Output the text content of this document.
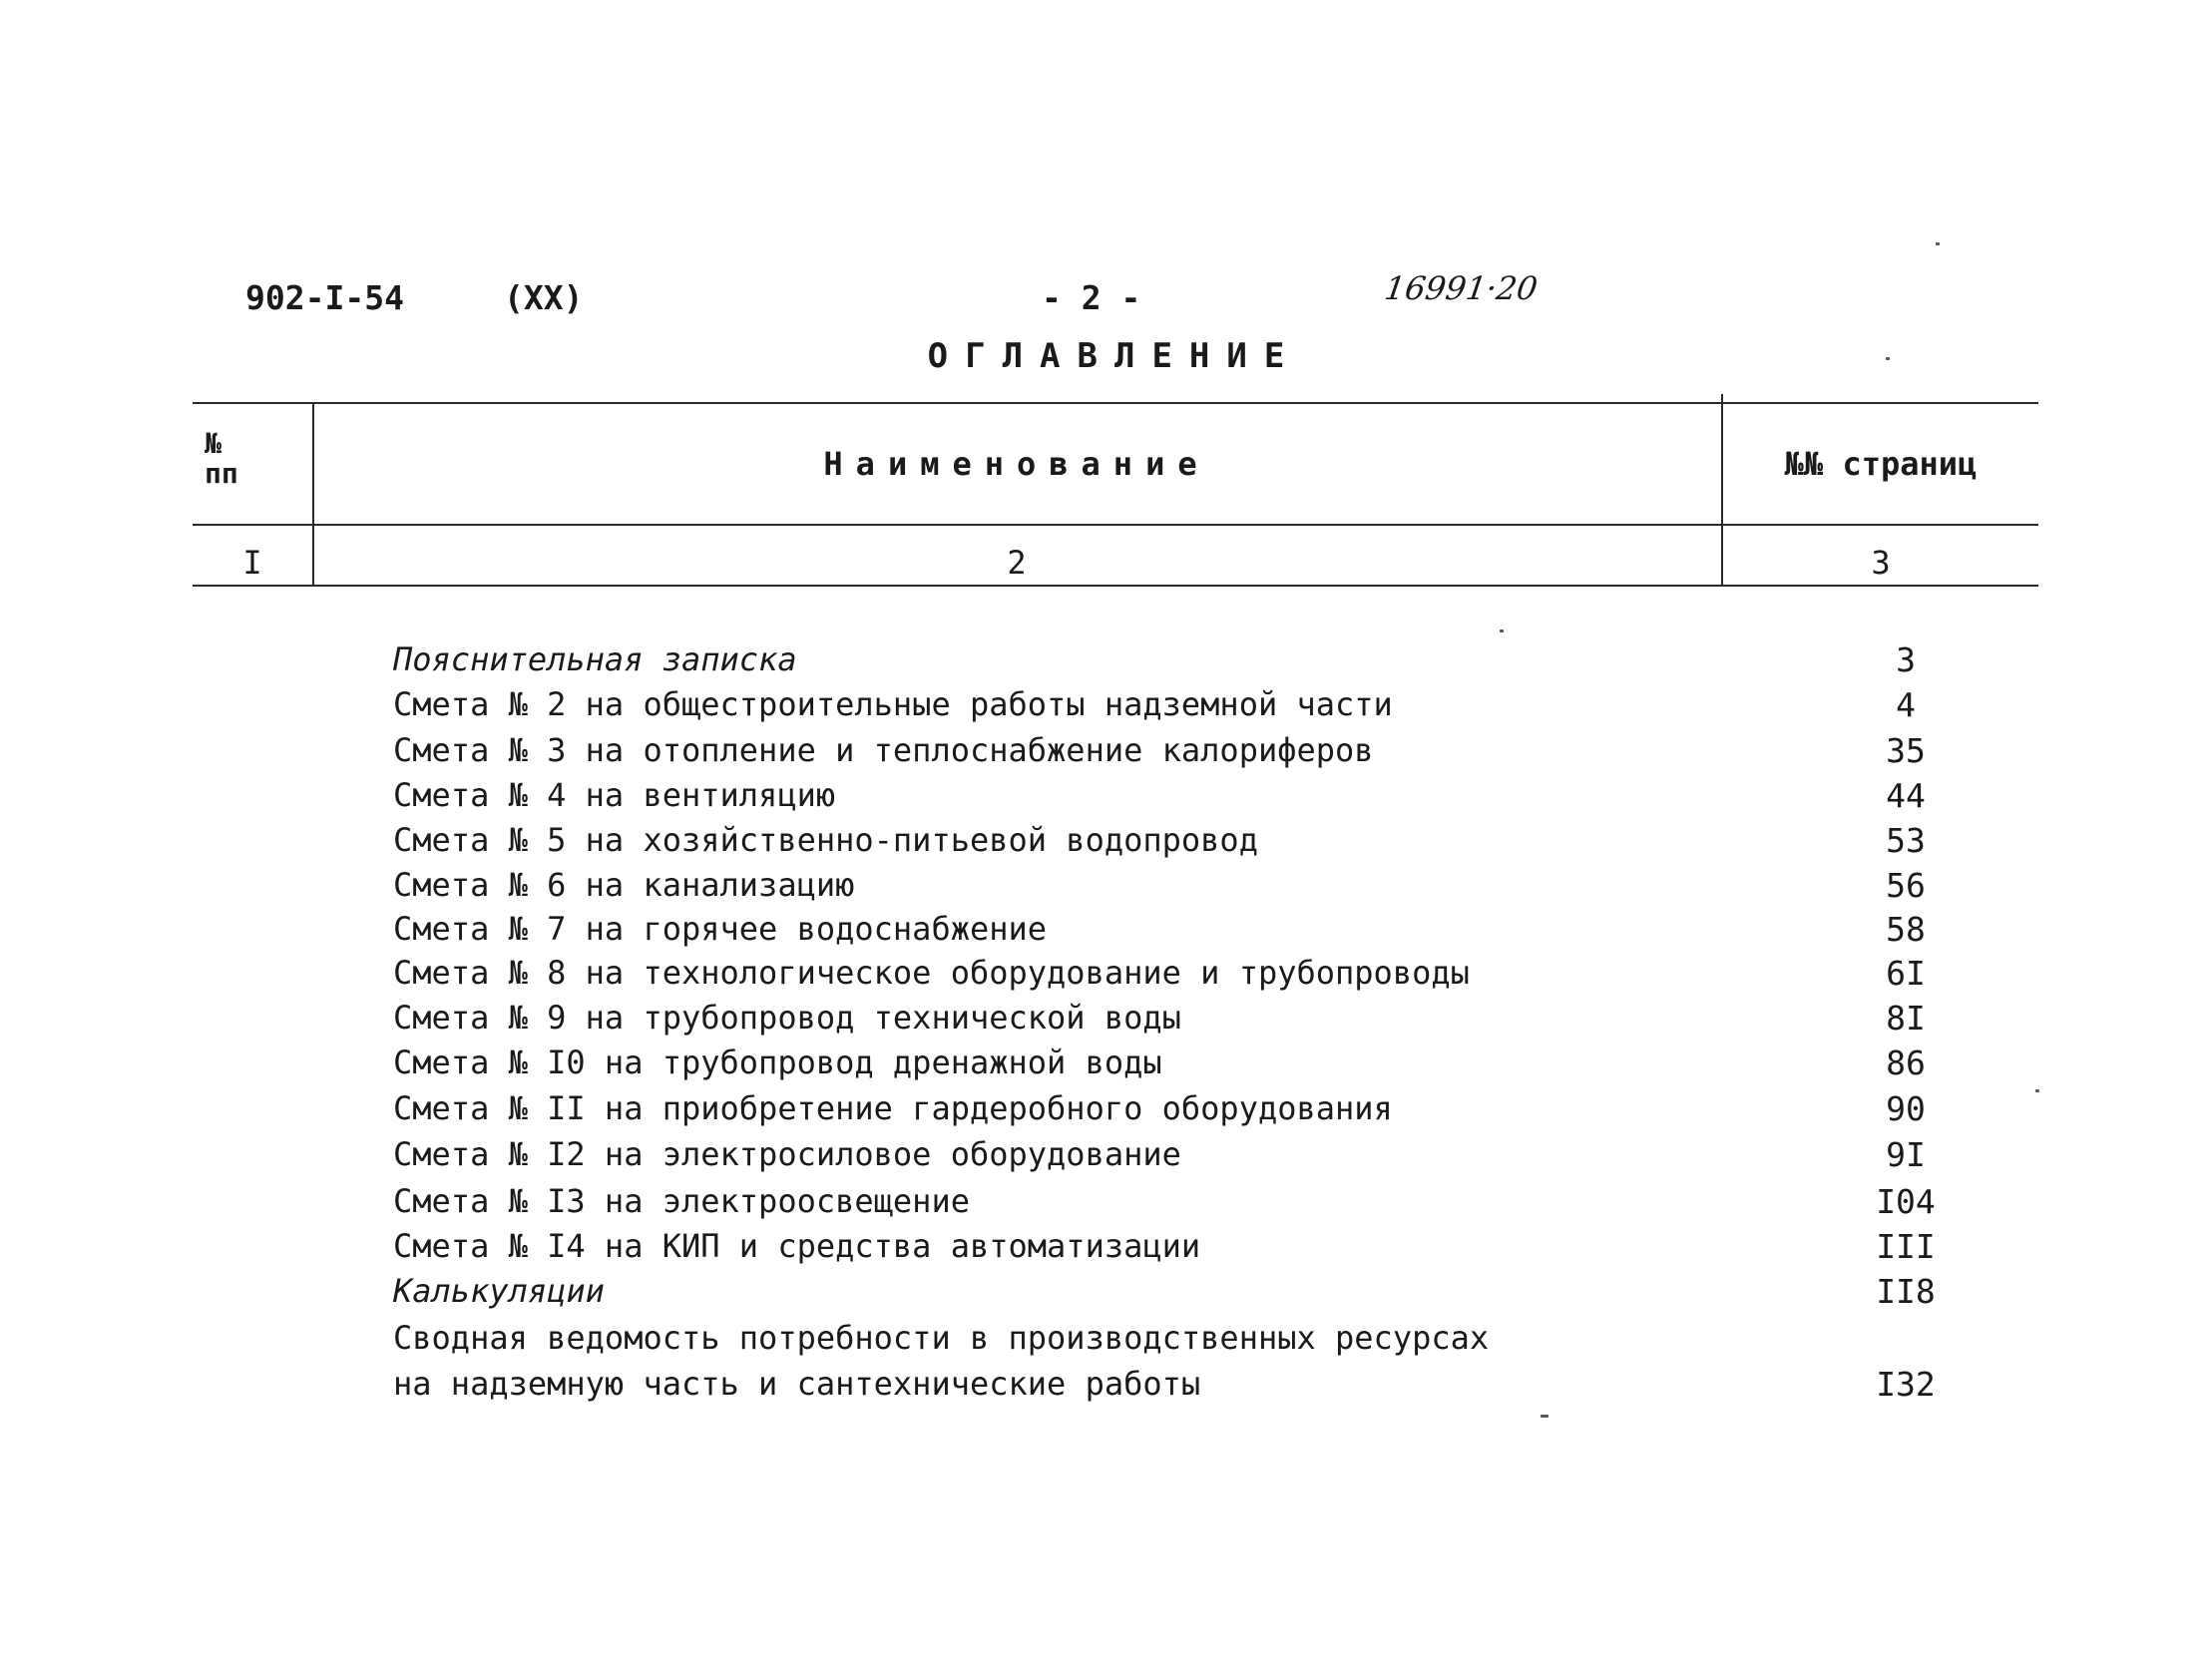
902-I-54	(XX)	- 2 -	16991·20
ОГЛАВЛЕНИЕ
№ пп	Наименование	№№ страниц
I	2	3
Пояснительная записка	3
Смета № 2 на общестроительные работы надземной части	4
Смета № 3 на отопление и теплоснабжение калориферов	35
Смета № 4 на вентиляцию	44
Смета № 5 на хозяйственно-питьевой водопровод	53
Смета № 6 на канализацию	56
Смета № 7 на горячее водоснабжение	58
Смета № 8 на технологическое оборудование и трубопроводы	6I
Смета № 9 на трубопровод технической воды	8I
Смета № I0 на трубопровод дренажной воды	86
Смета № II на приобретение гардеробного оборудования	90
Смета № I2 на электросиловое оборудование	9I
Смета № I3 на электроосвещение	I04
Смета № I4 на КИП и средства автоматизации	III
Калькуляции	II8
Сводная ведомость потребности в производственных ресурсах
на надземную часть и сантехнические работы	I32
